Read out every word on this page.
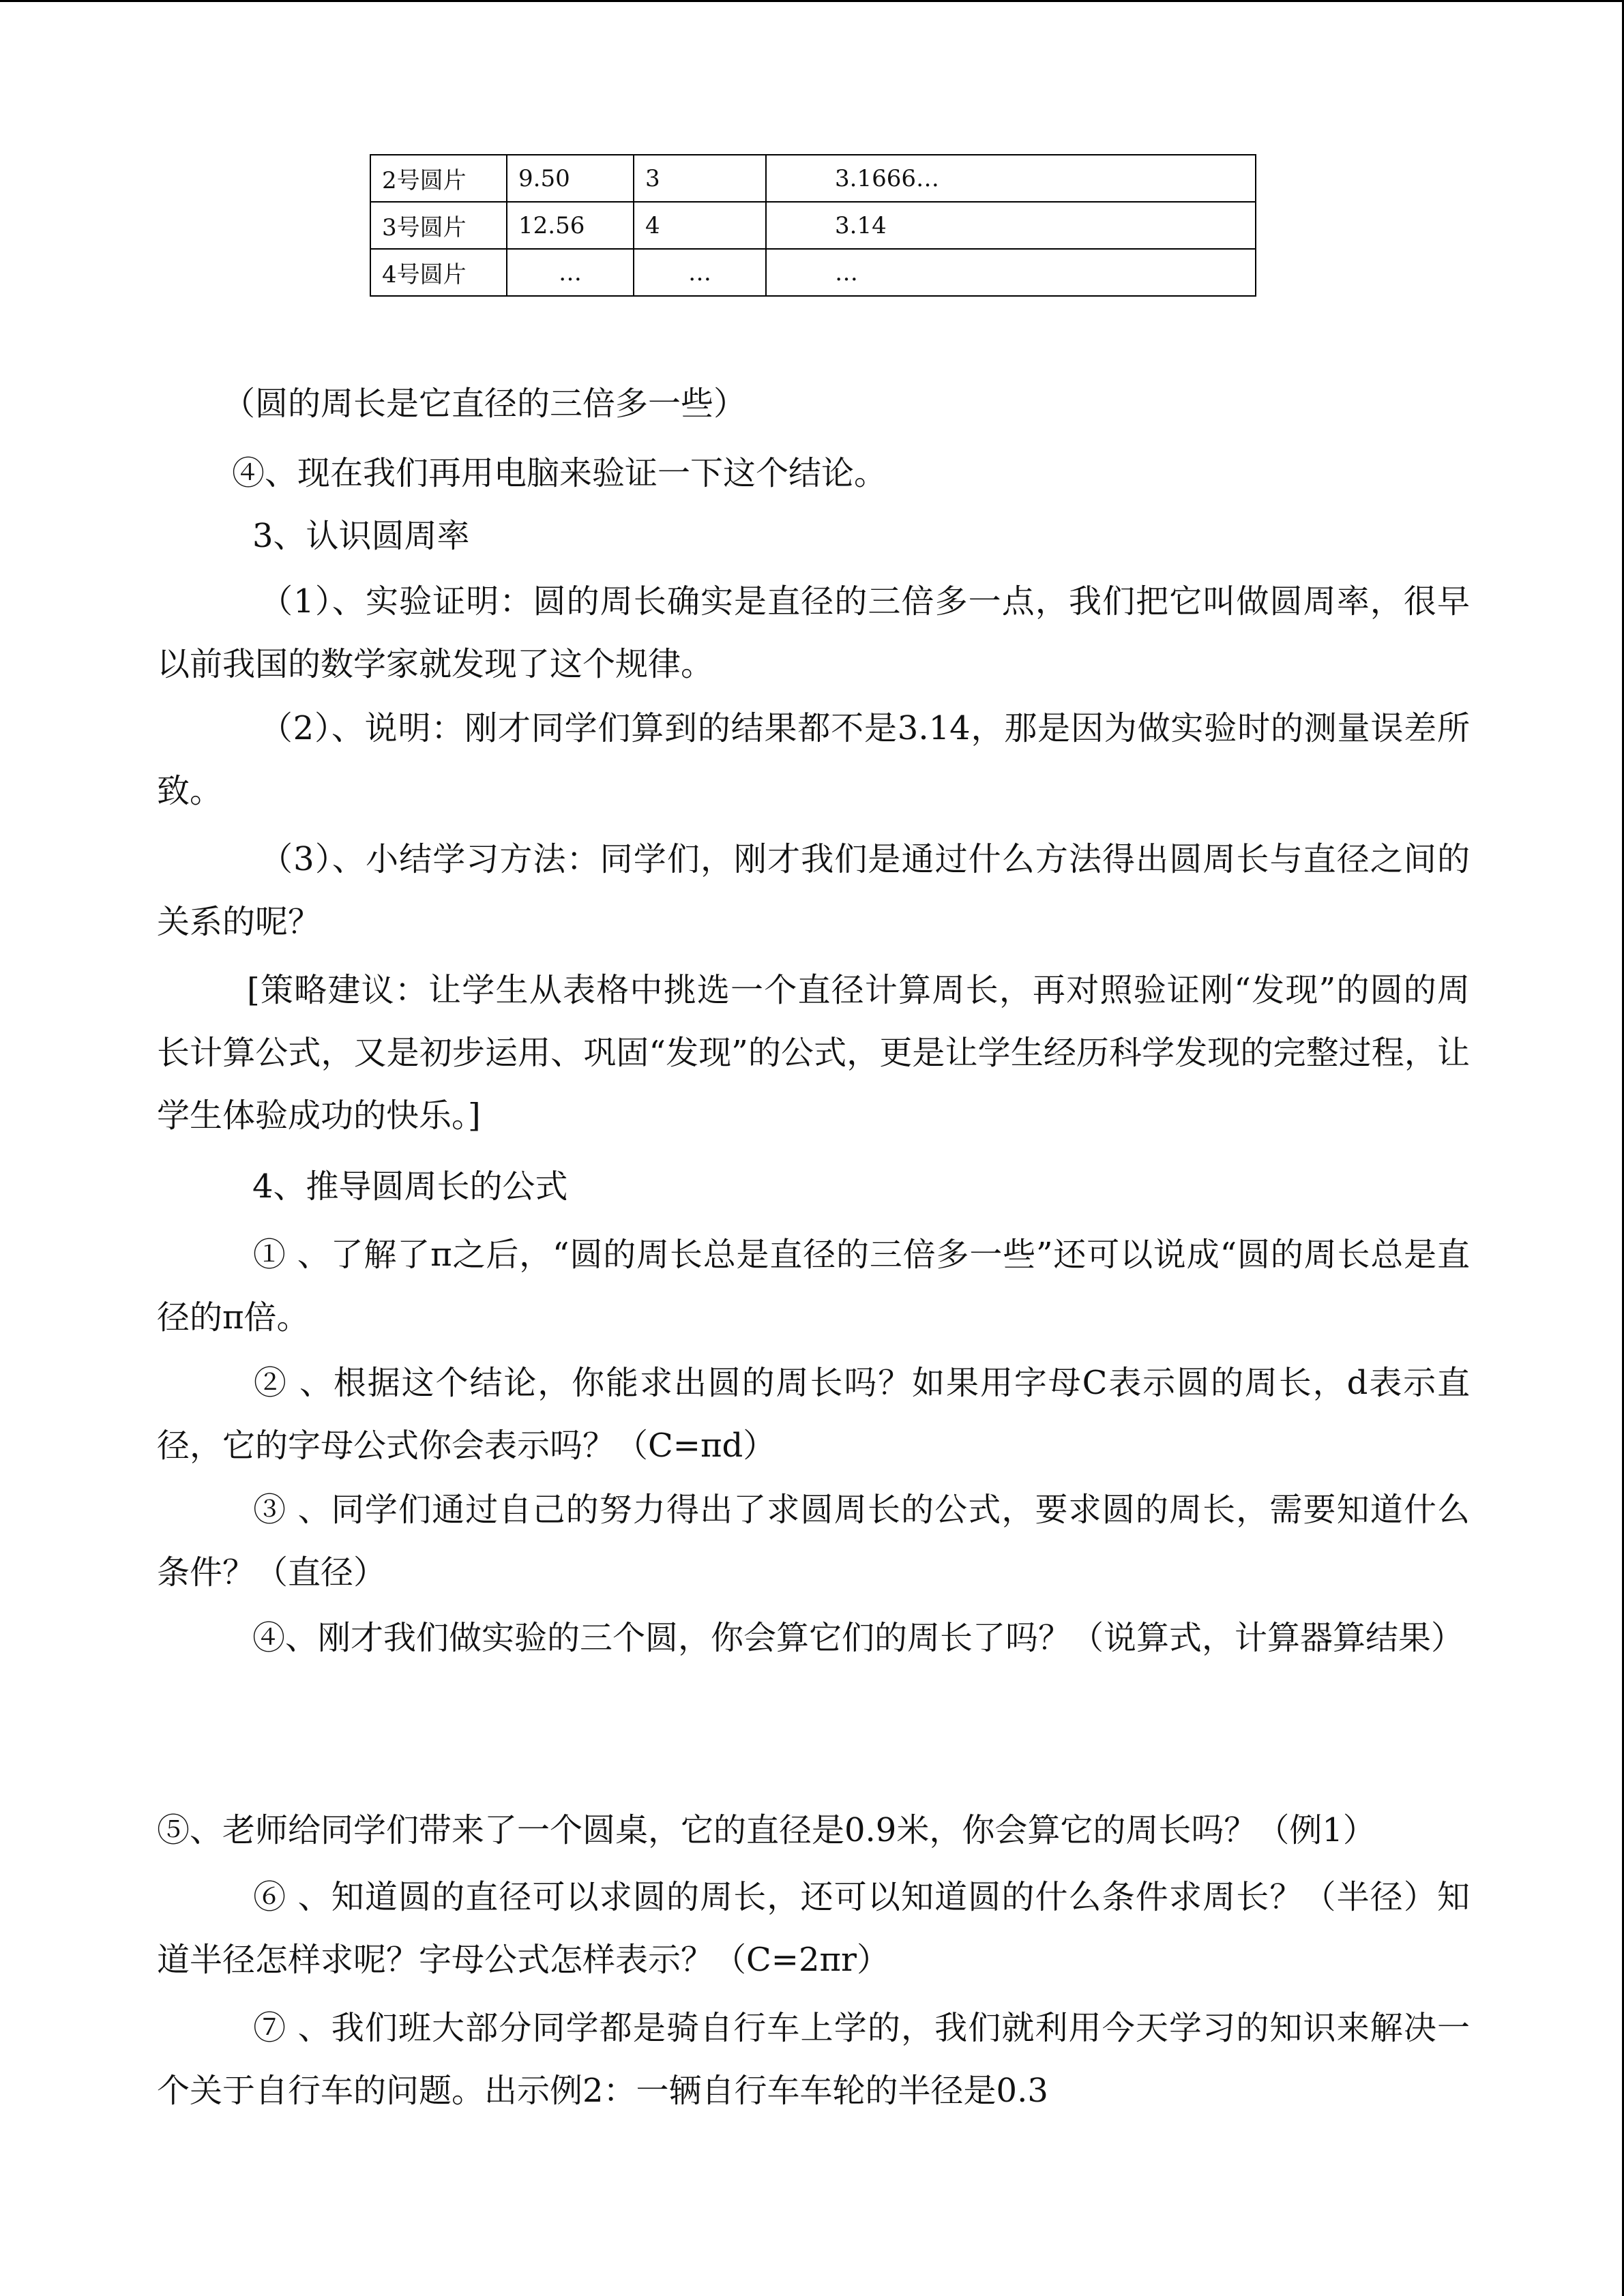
2号圆片	9.50	3	3.1666…
3号圆片	12.56	4	3.14
4号圆片	…	…	…

（圆的周长是它直径的三倍多一些）

④、现在我们再用电脑来验证一下这个结论。

3、认识圆周率

（1）、实验证明：圆的周长确实是直径的三倍多一点，我们把它叫做圆周率，很早以前我国的数学家就发现了这个规律。

（2）、说明：刚才同学们算到的结果都不是3.14，那是因为做实验时的测量误差所致。

（3）、小结学习方法：同学们，刚才我们是通过什么方法得出圆周长与直径之间的关系的呢？

[策略建议：让学生从表格中挑选一个直径计算周长，再对照验证刚“发现”的圆的周长计算公式，又是初步运用、巩固“发现”的公式，更是让学生经历科学发现的完整过程，让学生体验成功的快乐。]

4、推导圆周长的公式

① 、了解了π之后，“圆的周长总是直径的三倍多一些”还可以说成“圆的周长总是直径的π倍。

② 、根据这个结论，你能求出圆的周长吗？如果用字母C表示圆的周长，d表示直径，它的字母公式你会表示吗？（C=πd）

③ 、同学们通过自己的努力得出了求圆周长的公式，要求圆的周长，需要知道什么条件？（直径）

④、刚才我们做实验的三个圆，你会算它们的周长了吗？（说算式，计算器算结果）

⑤、老师给同学们带来了一个圆桌，它的直径是0.9米，你会算它的周长吗？（例1）

⑥ 、知道圆的直径可以求圆的周长，还可以知道圆的什么条件求周长？（半径）知道半径怎样求呢？字母公式怎样表示？（C=2πr）

⑦ 、我们班大部分同学都是骑自行车上学的，我们就利用今天学习的知识来解决一个关于自行车的问题。出示例2：一辆自行车车轮的半径是0.3
